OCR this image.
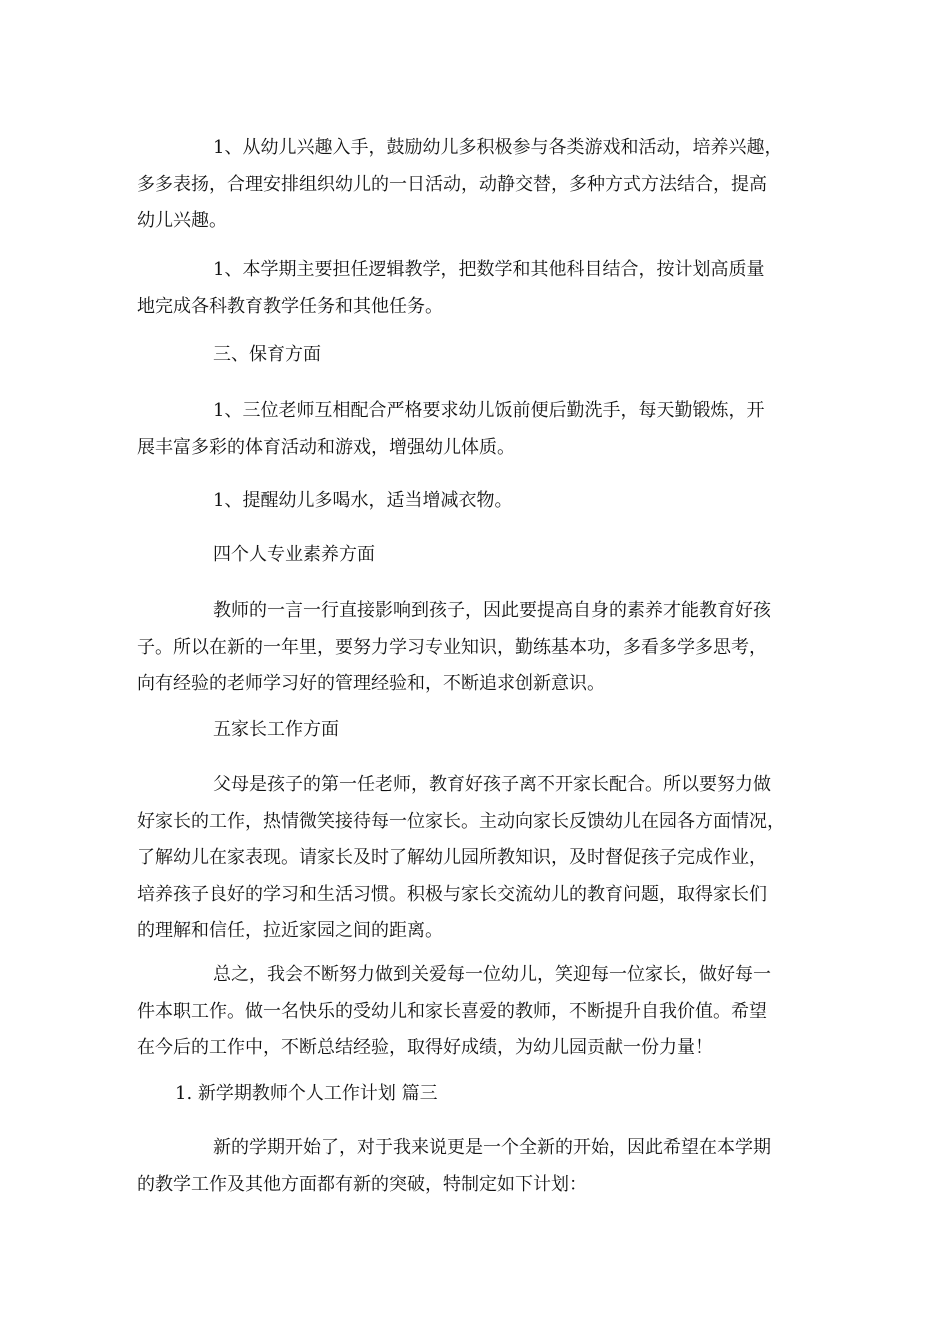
1、从幼儿兴趣入手，鼓励幼儿多积极参与各类游戏和活动，培养兴趣，
多多表扬，合理安排组织幼儿的一日活动，动静交替，多种方式方法结合，提高
幼儿兴趣。
1、本学期主要担任逻辑教学，把数学和其他科目结合，按计划高质量
地完成各科教育教学任务和其他任务。
三、保育方面
1、三位老师互相配合严格要求幼儿饭前便后勤洗手，每天勤锻炼，开
展丰富多彩的体育活动和游戏，增强幼儿体质。
1、提醒幼儿多喝水，适当增减衣物。
四个人专业素养方面
教师的一言一行直接影响到孩子，因此要提高自身的素养才能教育好孩
子。所以在新的一年里，要努力学习专业知识，勤练基本功，多看多学多思考，
向有经验的老师学习好的管理经验和，不断追求创新意识。
五家长工作方面
父母是孩子的第一任老师，教育好孩子离不开家长配合。所以要努力做
好家长的工作，热情微笑接待每一位家长。主动向家长反馈幼儿在园各方面情况，
了解幼儿在家表现。请家长及时了解幼儿园所教知识，及时督促孩子完成作业，
培养孩子良好的学习和生活习惯。积极与家长交流幼儿的教育问题，取得家长们
的理解和信任，拉近家园之间的距离。
总之，我会不断努力做到关爱每一位幼儿，笑迎每一位家长，做好每一
件本职工作。做一名快乐的受幼儿和家长喜爱的教师，不断提升自我价值。希望
在今后的工作中，不断总结经验，取得好成绩，为幼儿园贡献一份力量！
1. 新学期教师个人工作计划 篇三
新的学期开始了，对于我来说更是一个全新的开始，因此希望在本学期
的教学工作及其他方面都有新的突破，特制定如下计划：
